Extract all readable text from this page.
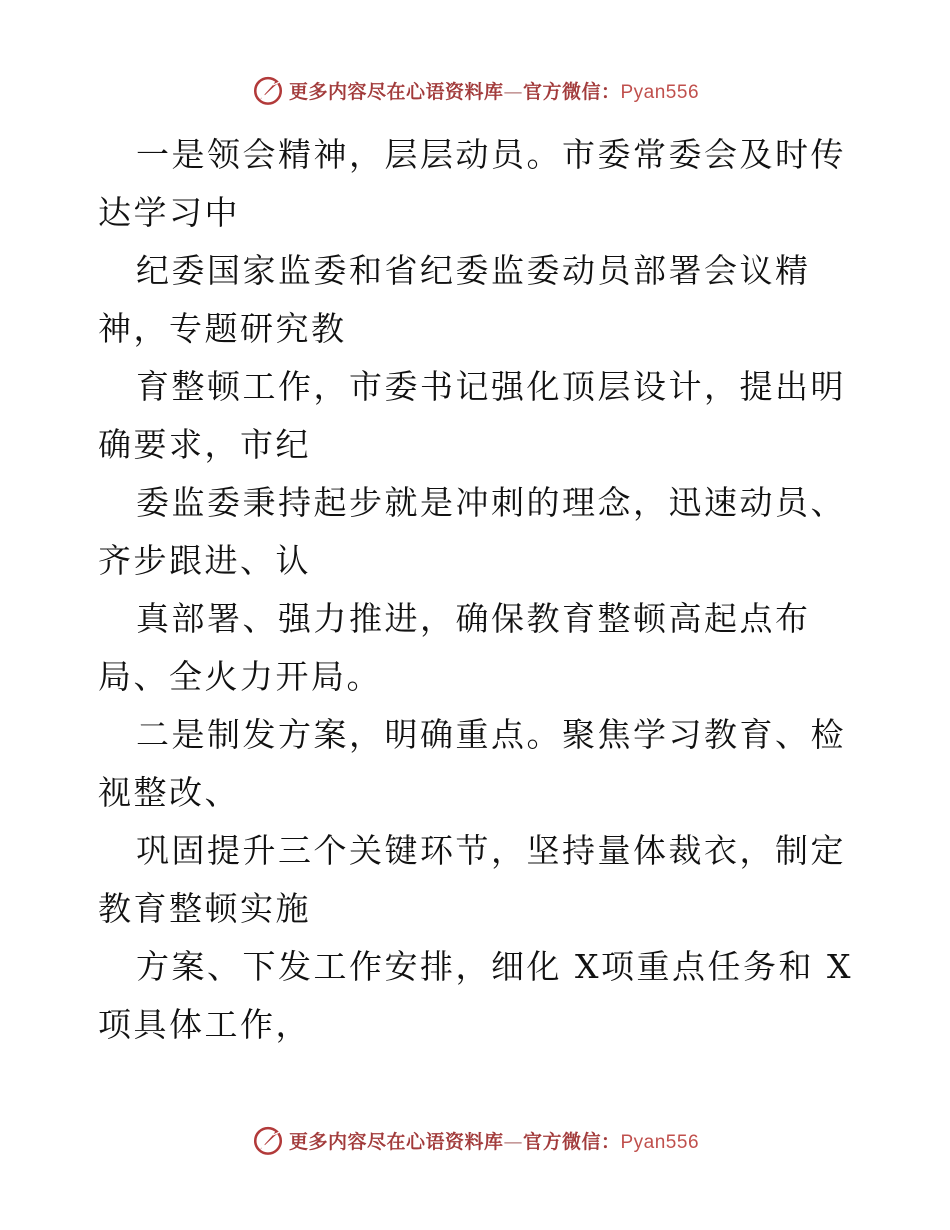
更多内容尽在心语资料库—官方微信：Pyan556

一是领会精神，层层动员。市委常委会及时传达学习中

纪委国家监委和省纪委监委动员部署会议精神，专题研究教

育整顿工作，市委书记强化顶层设计，提出明确要求，市纪

委监委秉持起步就是冲刺的理念，迅速动员、齐步跟进、认

真部署、强力推进，确保教育整顿高起点布局、全火力开局。

二是制发方案，明确重点。聚焦学习教育、检视整改、

巩固提升三个关键环节，坚持量体裁衣，制定教育整顿实施

方案、下发工作安排，细化 X项重点任务和 X项具体工作，

更多内容尽在心语资料库—官方微信：Pyan556
